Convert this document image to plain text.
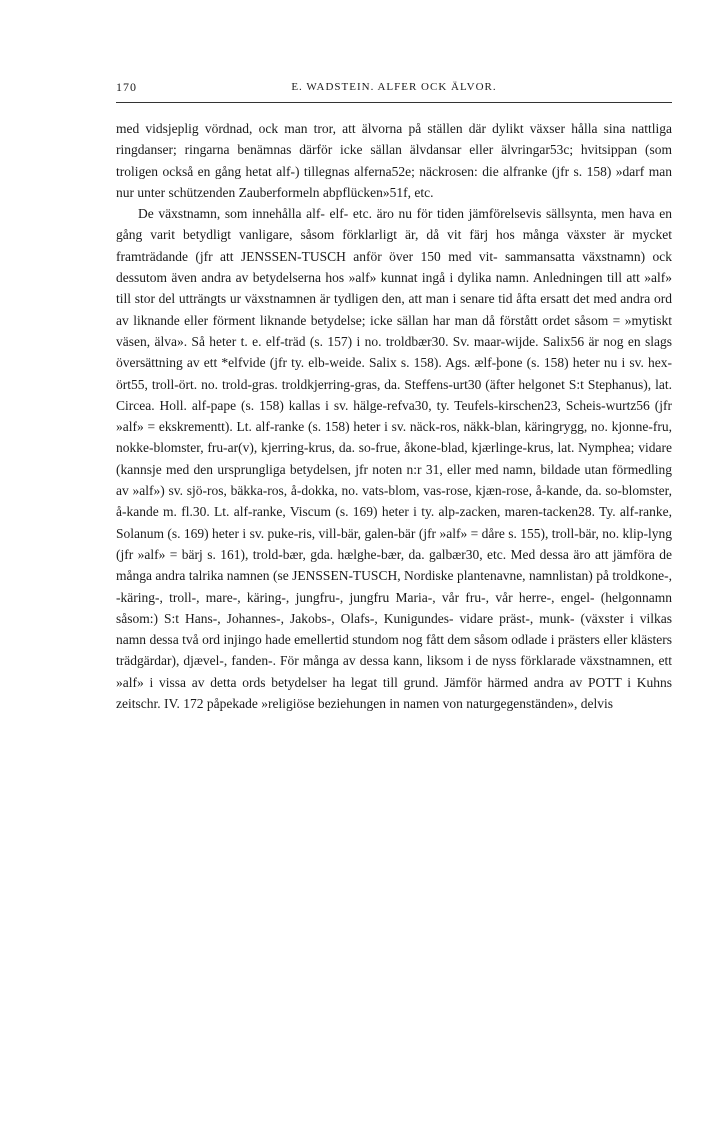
170	E. WADSTEIN. ALFER OCK ÄLVOR.

med vidsjeplig vördnad, ock man tror, att älvorna på ställen där dylikt växser hålla sina nattliga ringdanser; ringarna benämnas därför icke sällan älvdansar eller älvringar53c; hvitsippan (som troligen också en gång hetat alf-) tillegnas alferna52e; näckrosen: die alfranke (jfr s. 158) »darf man nur unter schützenden Zauberformeln abpflücken»51f, etc.

De växstnamn, som innehålla alf- elf- etc. äro nu för tiden jämförelsevis sällsynta, men hava en gång varit betydligt vanligare, såsom förklarligt är, då vit färj hos många växster är mycket framträdande (jfr att JENSSEN-TUSCH anför över 150 med vit- sammansatta växstnamn) ock dessutom även andra av betydelserna hos »alf» kunnat ingå i dylika namn. Anledningen till att »alf» till stor del utträngts ur växstnamnen är tydligen den, att man i senare tid åfta ersatt det med andra ord av liknande eller förment liknande betydelse; icke sällan har man då förstått ordet såsom = »mytiskt väsen, älva». Så heter t. e. elf-träd (s. 157) i no. troldbær30. Sv. maar-wijde. Salix56 är nog en slags översättning av ett *elfvide (jfr ty. elb-weide. Salix s. 158). Ags. ælf-þone (s. 158) heter nu i sv. hex-ört55, troll-ört. no. trold-gras. troldkjerring-gras, da. Steffens-urt30 (äfter helgonet S:t Stephanus), lat. Circea. Holl. alf-pape (s. 158) kallas i sv. hälge-refva30, ty. Teufels-kirschen23, Scheis-wurtz56 (jfr »alf» = ekskrementt). Lt. alf-ranke (s. 158) heter i sv. näck-ros, näkk-blan, käringrygg, no. kjonne-fru, nokke-blomster, fru-ar(v), kjerring-krus, da. so-frue, åkone-blad, kjærlinge-krus, lat. Nymphea; vidare (kannsje med den ursprungliga betydelsen, jfr noten n:r 31, eller med namn, bildade utan förmedling av »alf») sv. sjö-ros, bäkka-ros, å-dokka, no. vats-blom, vas-rose, kjæn-rose, å-kande, da. so-blomster, å-kande m. fl.30. Lt. alf-ranke, Viscum (s. 169) heter i ty. alp-zacken, maren-tacken28. Ty. alf-ranke, Solanum (s. 169) heter i sv. puke-ris, vill-bär, galen-bär (jfr »alf» = dåre s. 155), troll-bär, no. klip-lyng (jfr »alf» = bärj s. 161), trold-bær, gda. hælghe-bær, da. galbær30, etc. Med dessa äro att jämföra de många andra talrika namnen (se JENSSEN-TUSCH, Nordiske plantenavne, namnlistan) på troldkone-, -käring-, troll-, mare-, käring-, jungfru-, jungfru Maria-, vår fru-, vår herre-, engel- (helgonnamn såsom:) S:t Hans-, Johannes-, Jakobs-, Olafs-, Kunigundes- vidare präst-, munk- (växster i vilkas namn dessa två ord injingo hade emellertid stundom nog fått dem såsom odlade i prästers eller klästers trädgärdar), djævel-, fanden-. För många av dessa kann, liksom i de nyss förklarade växstnamnen, ett »alf» i vissa av detta ords betydelser ha legat till grund. Jämför härmed andra av POTT i Kuhns zeitschr. IV. 172 påpekade »religiöse beziehungen in namen von naturgegenständen», delvis
